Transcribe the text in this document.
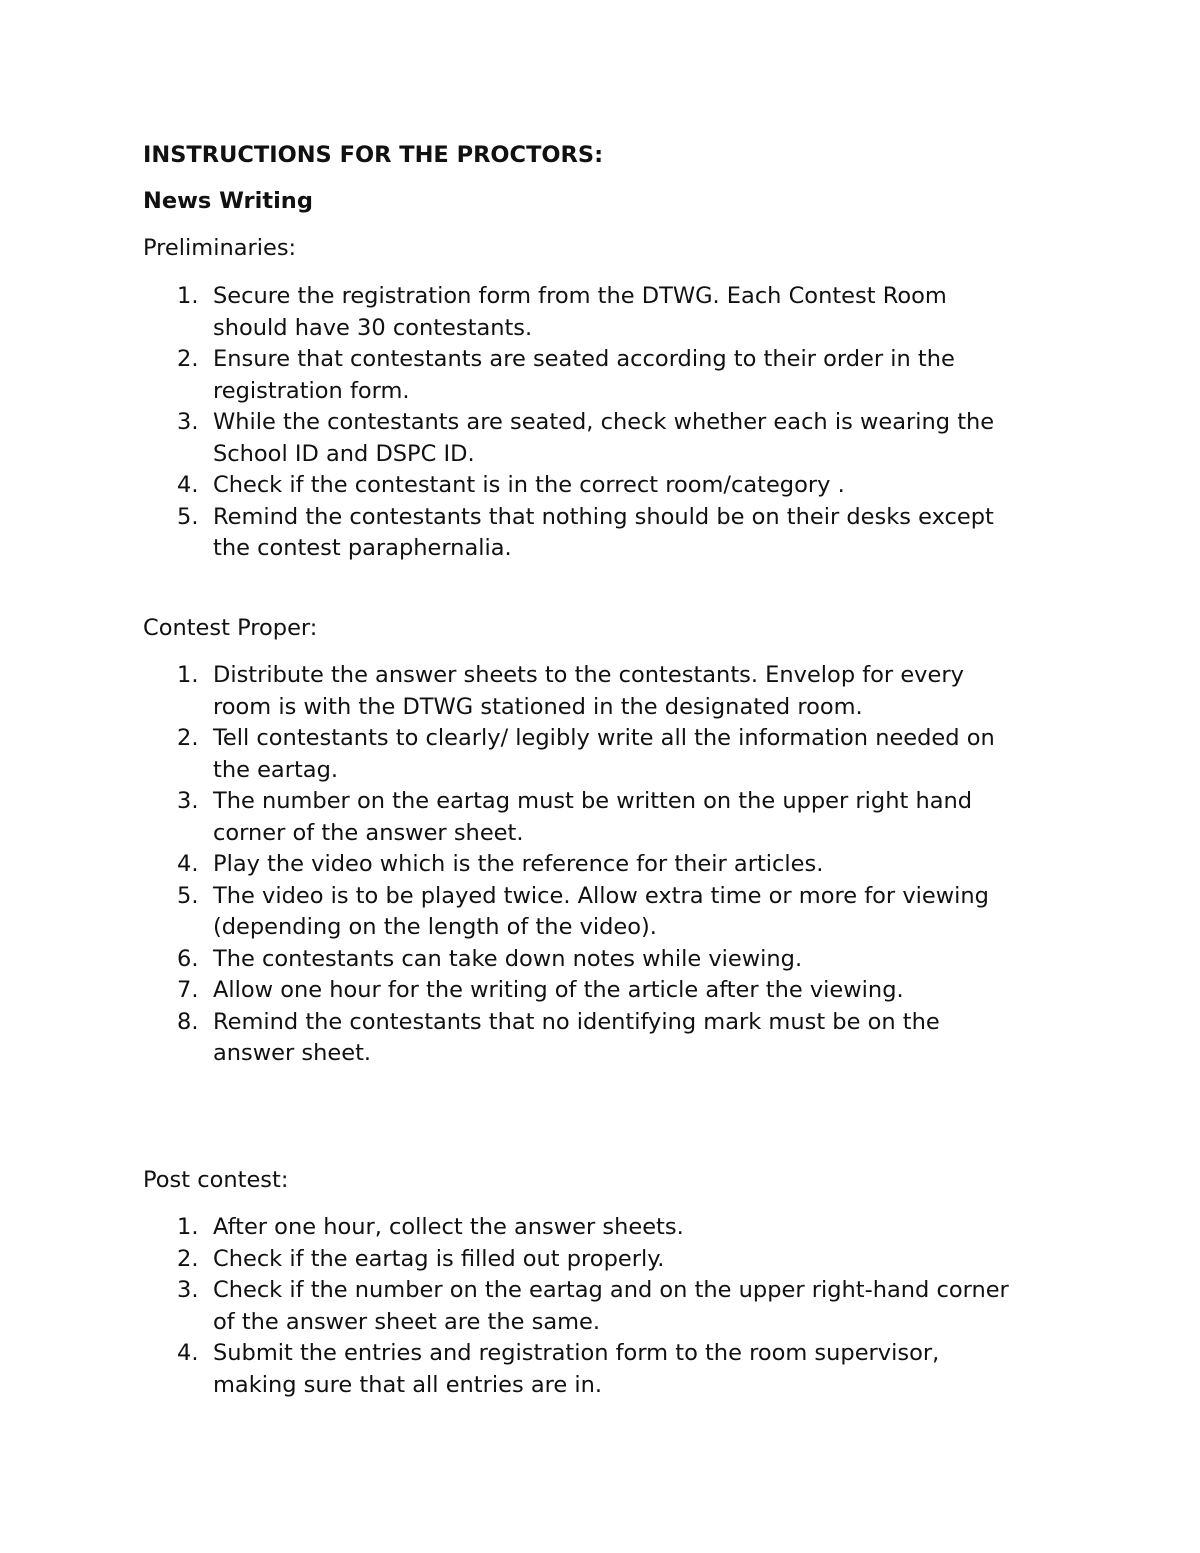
INSTRUCTIONS FOR THE PROCTORS:
News Writing
Preliminaries:
1. Secure the registration form from the DTWG. Each Contest Room
should have 30 contestants.
2. Ensure that contestants are seated according to their order in the
registration form.
3. While the contestants are seated, check whether each is wearing the
School ID and DSPC ID.
4. Check if the contestant is in the correct room/category .
5. Remind the contestants that nothing should be on their desks except
the contest paraphernalia.
Contest Proper:
1. Distribute the answer sheets to the contestants. Envelop for every
room is with the DTWG stationed in the designated room.
2. Tell contestants to clearly/ legibly write all the information needed on
the eartag.
3. The number on the eartag must be written on the upper right hand
corner of the answer sheet.
4. Play the video which is the reference for their articles.
5. The video is to be played twice. Allow extra time or more for viewing
(depending on the length of the video).
6. The contestants can take down notes while viewing.
7. Allow one hour for the writing of the article after the viewing.
8. Remind the contestants that no identifying mark must be on the
answer sheet.
Post contest:
1. After one hour, collect the answer sheets.
2. Check if the eartag is filled out properly.
3. Check if the number on the eartag and on the upper right-hand corner
of the answer sheet are the same.
4. Submit the entries and registration form to the room supervisor,
making sure that all entries are in.
